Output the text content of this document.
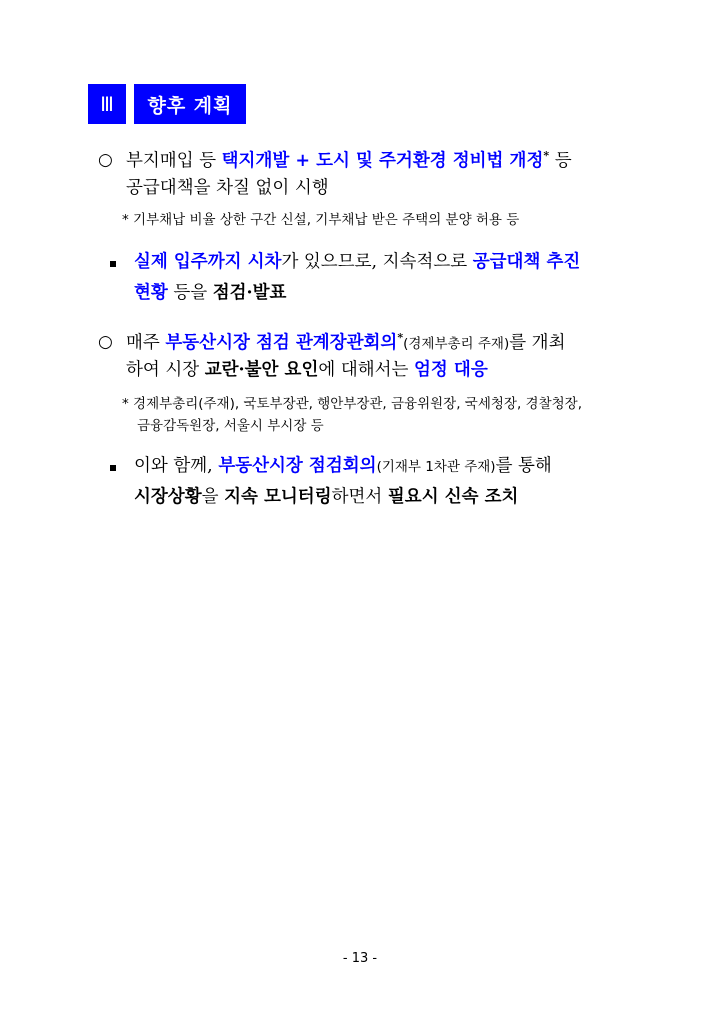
Ⅲ	향후 계획
○ 부지매입 등 택지개발 + 도시 및 주거환경 정비법 개정* 등
공급대책을 차질 없이 시행
* 기부채납 비율 상한 구간 신설, 기부채납 받은 주택의 분양 허용 등
실제 입주까지 시차가 있으므로, 지속적으로 공급대책 추진
현황 등을 점검·발표
○ 매주 부동산시장 점검 관계장관회의*(경제부총리 주재)를 개최
하여 시장 교란·불안 요인에 대해서는 엄정 대응
* 경제부총리(주재), 국토부장관, 행안부장관, 금융위원장, 국세청장, 경찰청장,
금융감독원장, 서울시 부시장 등
이와 함께, 부동산시장 점검회의(기재부 1차관 주재)를 통해
시장상황을 지속 모니터링하면서 필요시 신속 조치
- 13 -
